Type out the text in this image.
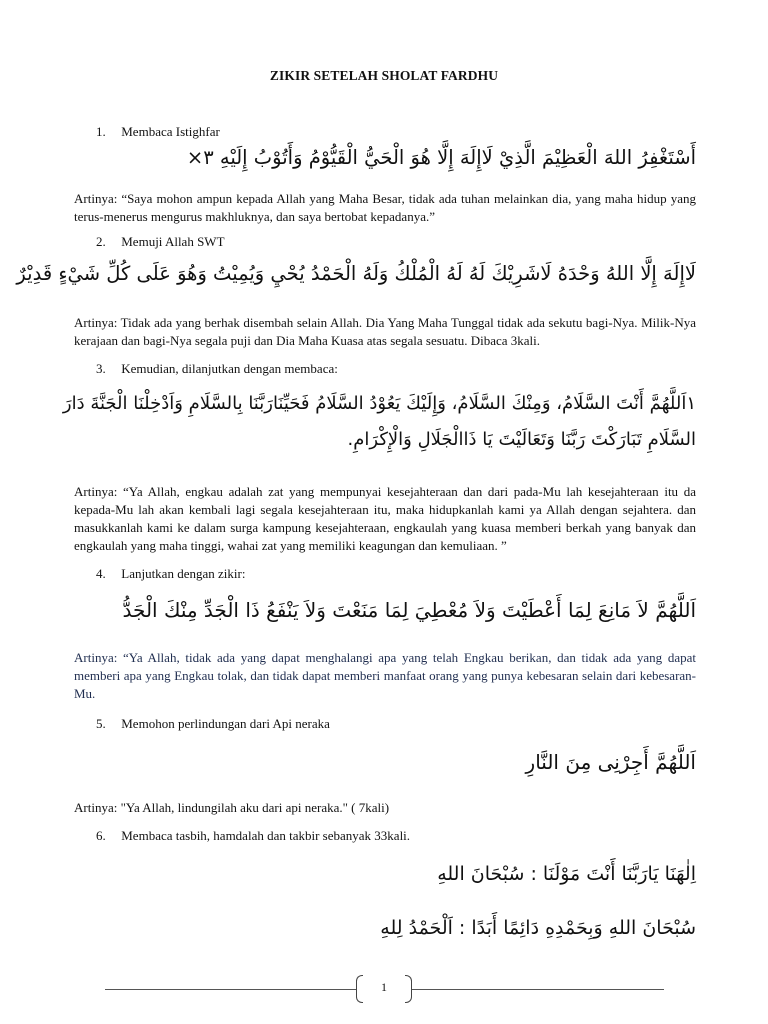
ZIKIR SETELAH SHOLAT FARDHU
1. Membaca Istighfar
أَسْتَغْفِرُ اللهَ الْعَظِيْمَ الَّذِيْ لَاإِلَهَ إِلَّا هُوَ الْحَيُّ الْقَيُّوْمُ وَأَتُوْبُ إِلَيْهِ ٣×
Artinya: “Saya mohon ampun kepada Allah yang Maha Besar, tidak ada tuhan melainkan dia, yang maha hidup yang terus-menerus mengurus makhluknya, dan saya bertobat kepadanya.”
2. Memuji Allah SWT
لَاإِلَهَ إِلَّا اللهُ وَحْدَهُ لَاشَرِيْكَ لَهُ لَهُ الْمُلْكُ وَلَهُ الْحَمْدُ يُحْيِ وَيُمِيْتُ وَهُوَ عَلَى كُلِّ شَيْءٍ قَدِيْرٌ
Artinya: Tidak ada yang berhak disembah selain Allah. Dia Yang Maha Tunggal tidak ada sekutu bagi-Nya. Milik-Nya kerajaan dan bagi-Nya segala puji dan Dia Maha Kuasa atas segala sesuatu. Dibaca 3kali.
3. Kemudian, dilanjutkan dengan membaca:
١اَللَّهُمَّ أَنْتَ السَّلَامُ، وَمِنْكَ السَّلَامُ، وَإِلَيْكَ يَعُوْدُ السَّلَامُ فَحَيِّنَارَبَّنَا بِالسَّلَامِ وَاَدْخِلْنَا الْجَنَّةَ دَارَ
السَّلَامِ تَبَارَكْتَ رَبَّنَا وَتَعَالَيْتَ يَا ذَاالْجَلَالِ وَالْإِكْرَامِ.
Artinya: “Ya Allah, engkau adalah zat yang mempunyai kesejahteraan dan dari pada-Mu lah kesejahteraan itu da kepada-Mu lah akan kembali lagi segala kesejahteraan itu, maka hidupkanlah kami ya Allah dengan sejahtera. dan masukkanlah kami ke dalam surga kampung kesejahteraan, engkaulah yang kuasa memberi berkah yang banyak dan engkaulah yang maha tinggi, wahai zat yang memiliki keagungan dan kemuliaan. ”
4. Lanjutkan dengan zikir:
اَللَّهُمَّ لاَ مَانِعَ لِمَا أَعْطَيْتَ وَلاَ مُعْطِيَ لِمَا مَنَعْتَ وَلاَ يَنْفَعُ ذَا الْجَدِّ مِنْكَ الْجَدُّ
Artinya: “Ya Allah, tidak ada yang dapat menghalangi apa yang telah Engkau berikan, dan tidak ada yang dapat memberi apa yang Engkau tolak, dan tidak dapat memberi manfaat orang yang punya kebesaran selain dari kebesaran-Mu.
5. Memohon perlindungan dari Api neraka
اَللَّهُمَّ أَجِرْنِى مِنَ النَّارِ
Artinya: "Ya Allah, lindungilah aku dari api neraka." ( 7kali)
6. Membaca tasbih, hamdalah dan takbir sebanyak 33kali.
اِلٰهَنَا يَارَبَّنَا أَنْتَ مَوْلَنَا : سُبْحَانَ اللهِ
سُبْحَانَ اللهِ وَبِحَمْدِهِ دَائِمًا أَبَدًا : اَلْحَمْدُ لِلهِ
1
